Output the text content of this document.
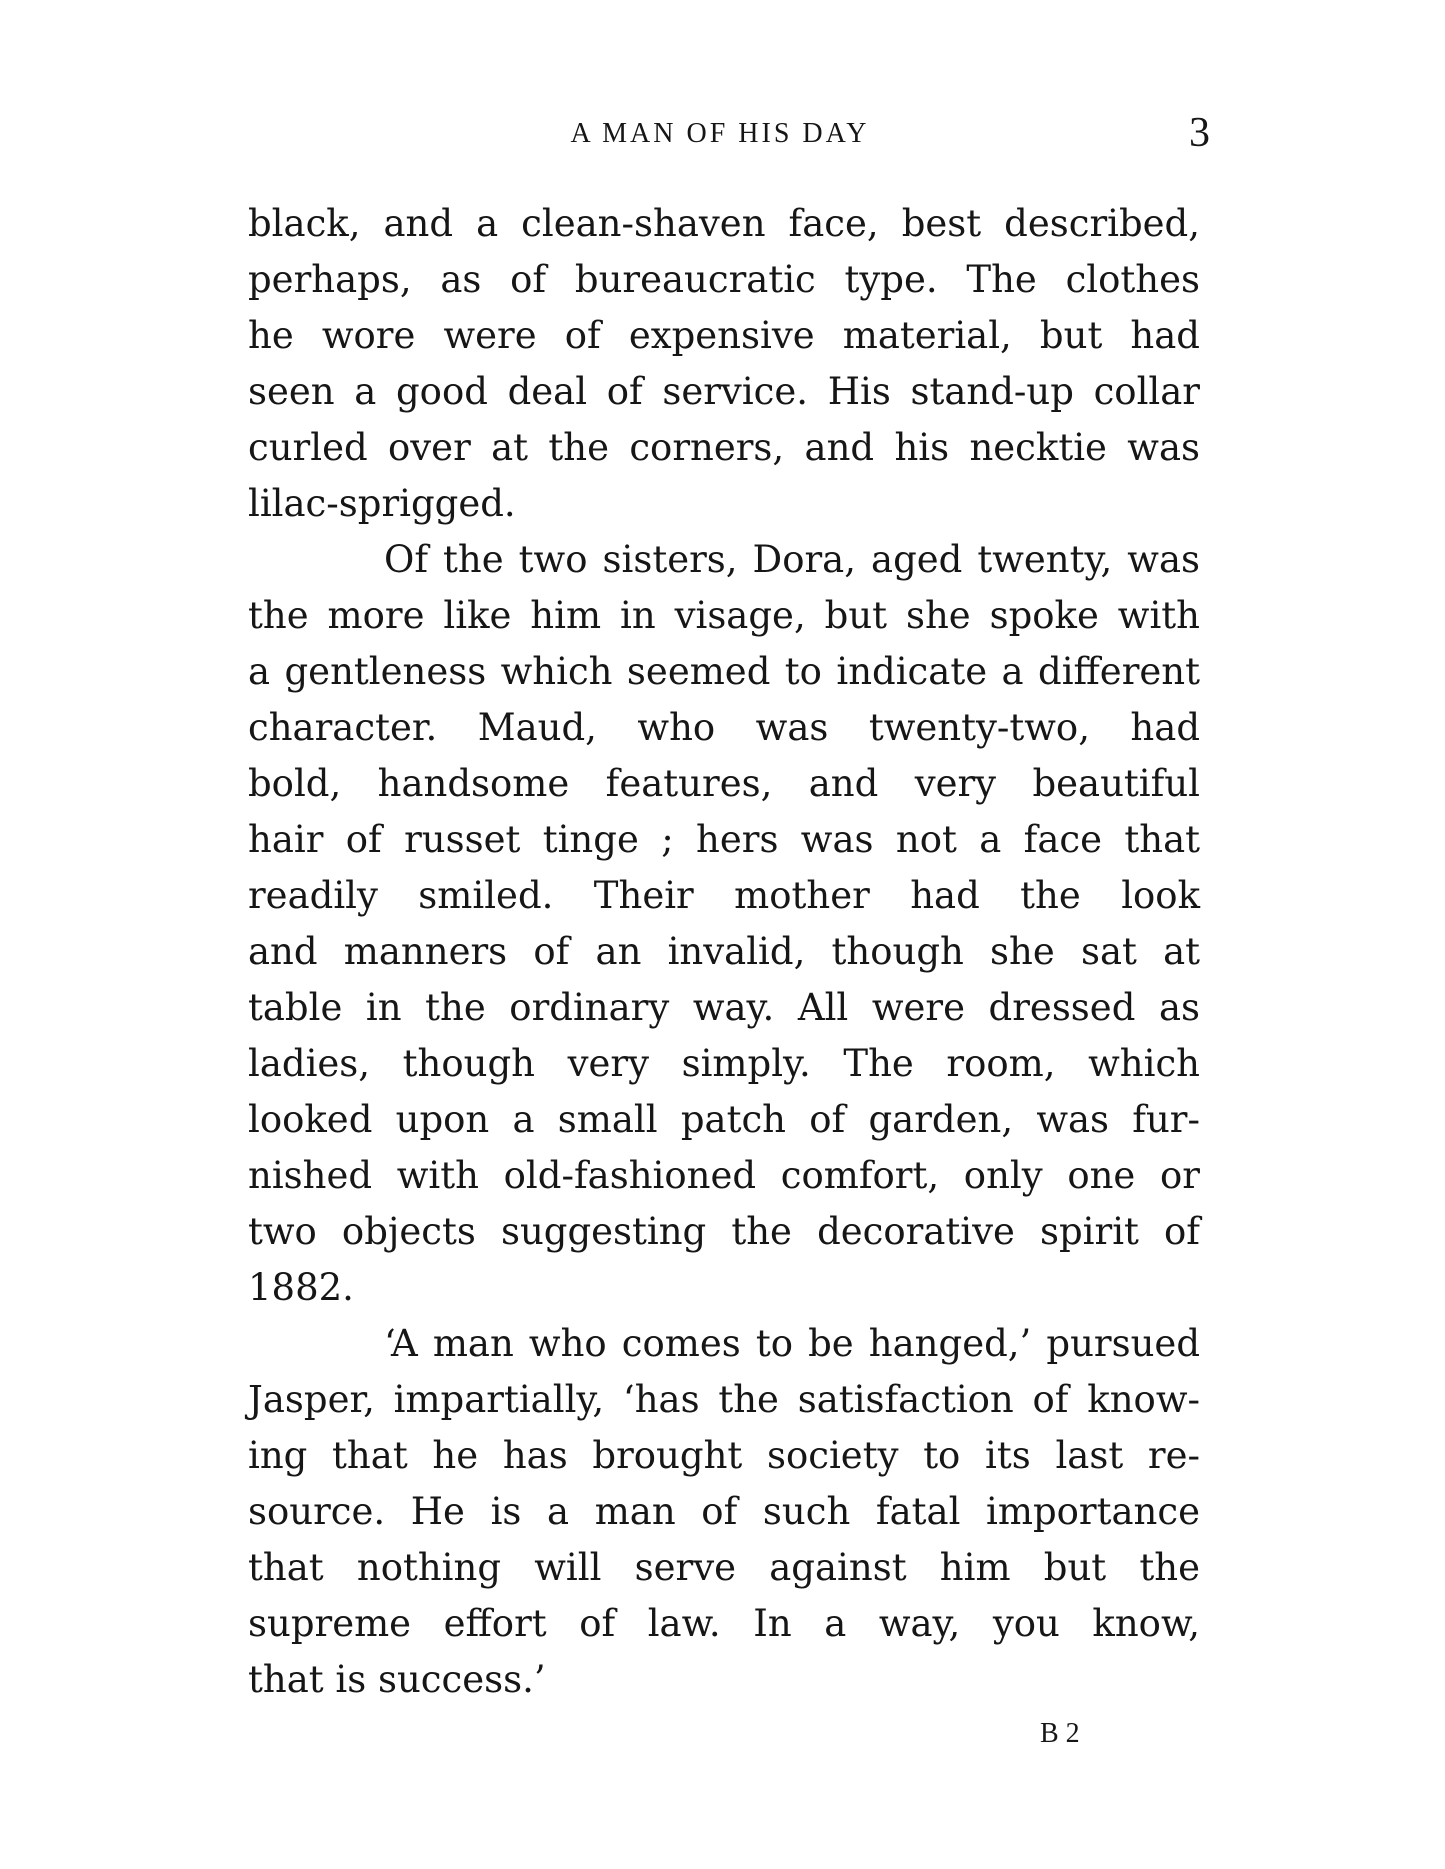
A MAN OF HIS DAY	3

black, and a clean-shaven face, best described,
perhaps, as of bureaucratic type. The clothes
he wore were of expensive material, but had
seen a good deal of service. His stand-up collar
curled over at the corners, and his necktie was
lilac-sprigged.

Of the two sisters, Dora, aged twenty, was
the more like him in visage, but she spoke with
a gentleness which seemed to indicate a different
character. Maud, who was twenty-two, had
bold, handsome features, and very beautiful
hair of russet tinge ; hers was not a face that
readily smiled. Their mother had the look
and manners of an invalid, though she sat at
table in the ordinary way. All were dressed as
ladies, though very simply. The room, which
looked upon a small patch of garden, was fur-
nished with old-fashioned comfort, only one or
two objects suggesting the decorative spirit of
1882.

‘A man who comes to be hanged,’ pursued
Jasper, impartially, ‘has the satisfaction of know-
ing that he has brought society to its last re-
source. He is a man of such fatal importance
that nothing will serve against him but the
supreme effort of law. In a way, you know,
that is success.’

B 2
